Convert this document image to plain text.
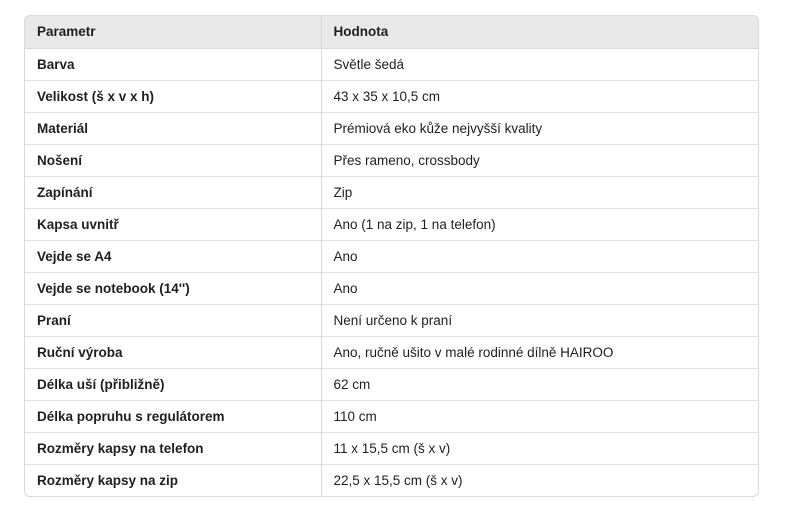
Parametr	Hodnota
Barva	Světle šedá
Velikost (š x v x h)	43 x 35 x 10,5 cm
Materiál	Prémiová eko kůže nejvyšší kvality
Nošení	Přes rameno, crossbody
Zapínání	Zip
Kapsa uvnitř	Ano (1 na zip, 1 na telefon)
Vejde se A4	Ano
Vejde se notebook (14'')	Ano
Praní	Není určeno k praní
Ruční výroba	Ano, ručně ušito v malé rodinné dílně HAIROO
Délka uší (přibližně)	62 cm
Délka popruhu s regulátorem	110 cm
Rozměry kapsy na telefon	11 x 15,5 cm (š x v)
Rozměry kapsy na zip	22,5 x 15,5 cm (š x v)
